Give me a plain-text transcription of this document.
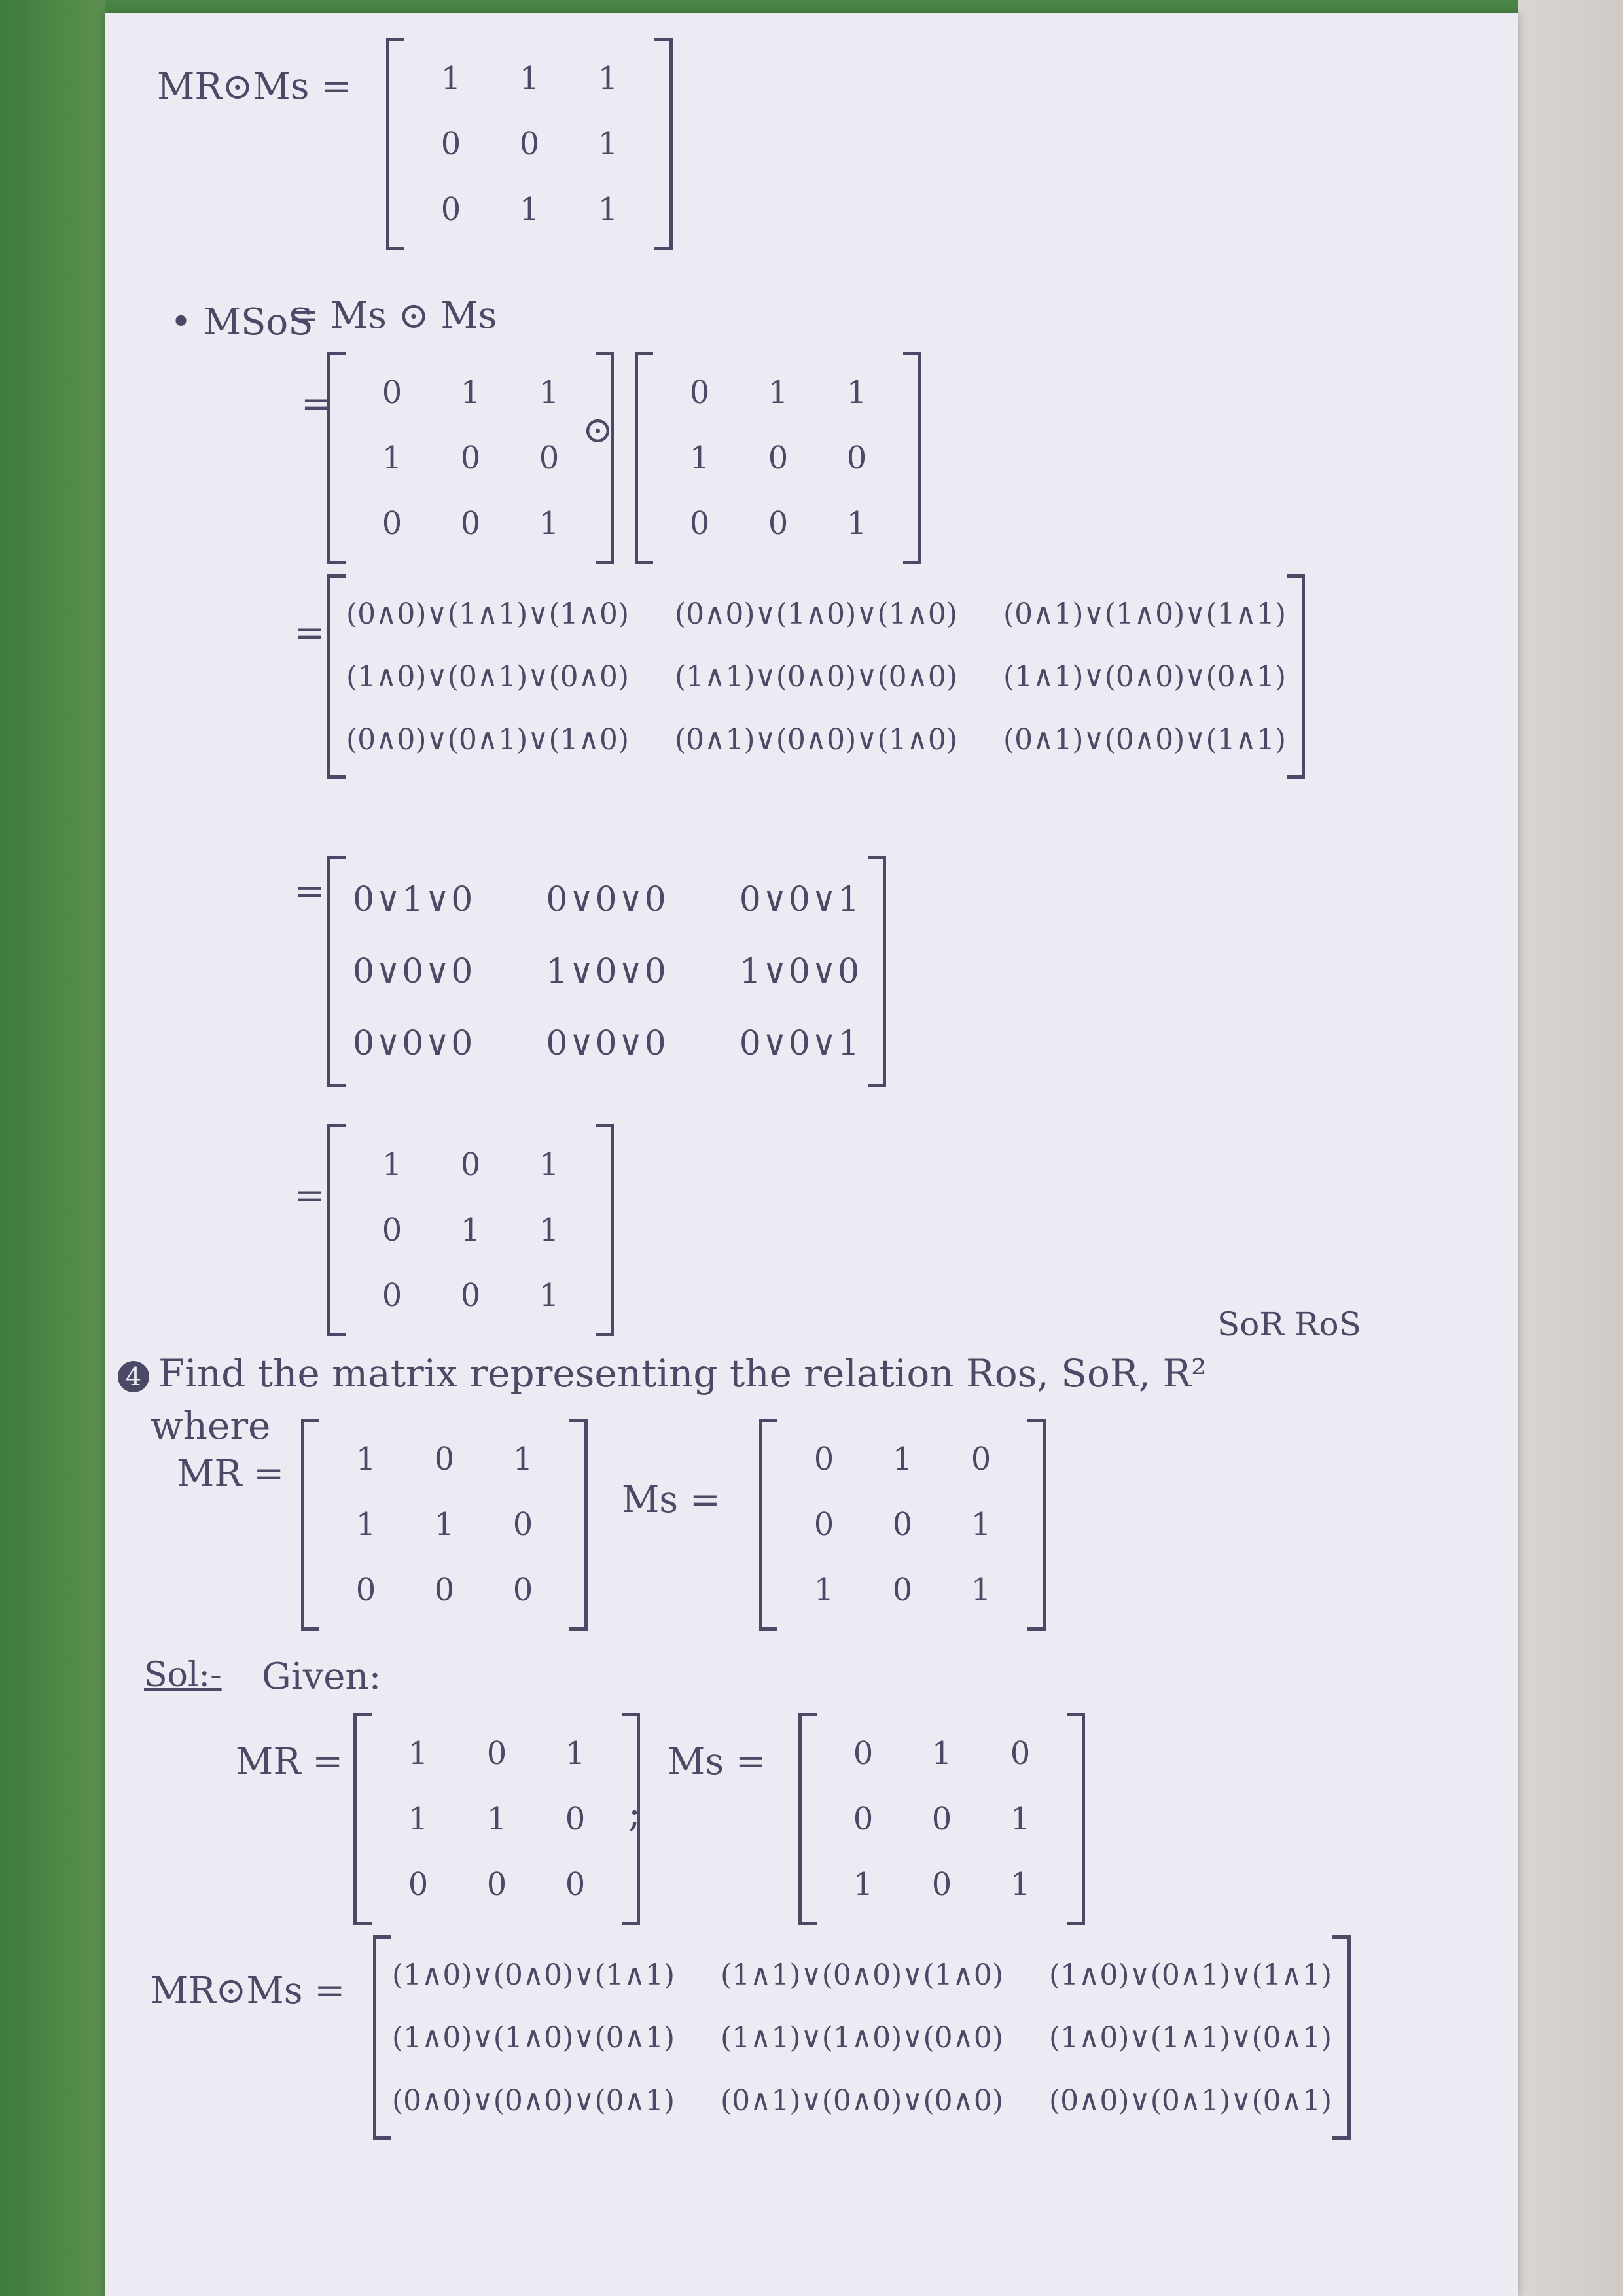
MR⊙Ms =	1 1 1
0 0 1
0 1 1
• MSoS
= Ms ⊙ Ms
= 0 1 1
1 0 0
0 0 1
⊙
0 1 1
1 0 0
0 0 1
= (0∧0)∨(1∧1)∨(1∧0) (0∧0)∨(1∧0)∨(1∧0) (0∧1)∨(1∧0)∨(1∧1)
(1∧0)∨(0∧1)∨(0∧0) (1∧1)∨(0∧0)∨(0∧0) (1∧1)∨(0∧0)∨(0∧1)
(0∧0)∨(0∧1)∨(1∧0) (0∧1)∨(0∧0)∨(1∧0) (0∧1)∨(0∧0)∨(1∧1)
= 0∨1∨0 0∨0∨0 0∨0∨1
0∨0∨0 1∨0∨0 1∨0∨0
0∨0∨0 0∨0∨0 0∨0∨1
=
1 0 1
0 1 1
0 0 1
SoR RoS
4 Find the matrix representing the relation Ros, SoR, R²
where
MR = 1 0 1
1 1 0
0 0 0
Ms =
0 1 0
0 0 1
1 0 1
Sol:- Given:
MR = 1 0 1
1 1 0
0 0 0
;
Ms =	0 1 0
0 0 1
1 0 1
MR⊙Ms = (1∧0)∨(0∧0)∨(1∧1) (1∧1)∨(0∧0)∨(1∧0) (1∧0)∨(0∧1)∨(1∧1)
(1∧0)∨(1∧0)∨(0∧1) (1∧1)∨(1∧0)∨(0∧0) (1∧0)∨(1∧1)∨(0∧1)
(0∧0)∨(0∧0)∨(0∧1) (0∧1)∨(0∧0)∨(0∧0) (0∧0)∨(0∧1)∨(0∧1)
